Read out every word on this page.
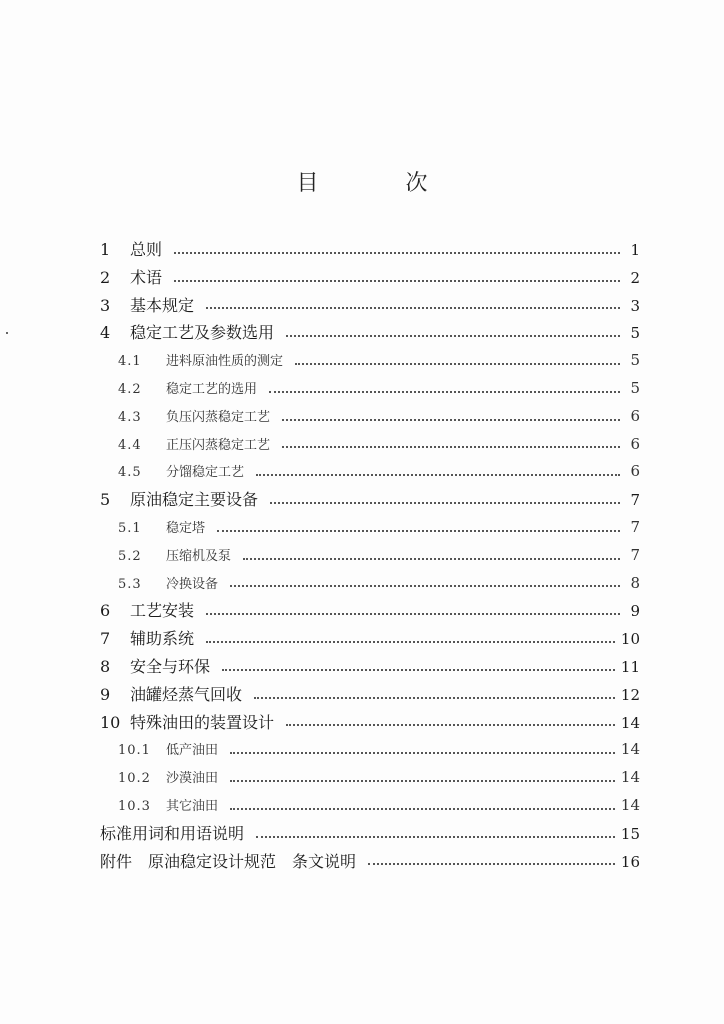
目 次
1	总则	1
2	术语	2
3	基本规定	3
4	稳定工艺及参数选用	5
4.1	进料原油性质的测定	5
4.2	稳定工艺的选用	5
4.3	负压闪蒸稳定工艺	6
4.4	正压闪蒸稳定工艺	6
4.5	分馏稳定工艺	6
5	原油稳定主要设备	7
5.1	稳定塔	7
5.2	压缩机及泵	7
5.3	冷换设备	8
6	工艺安装	9
7	辅助系统	10
8	安全与环保	11
9	油罐烃蒸气回收	12
10 特殊油田的装置设计	14
10.1	低产油田	14
10.2	沙漠油田	14
10.3	其它油田	14
标准用词和用语说明	15
附件　原油稳定设计规范　条文说明	16
